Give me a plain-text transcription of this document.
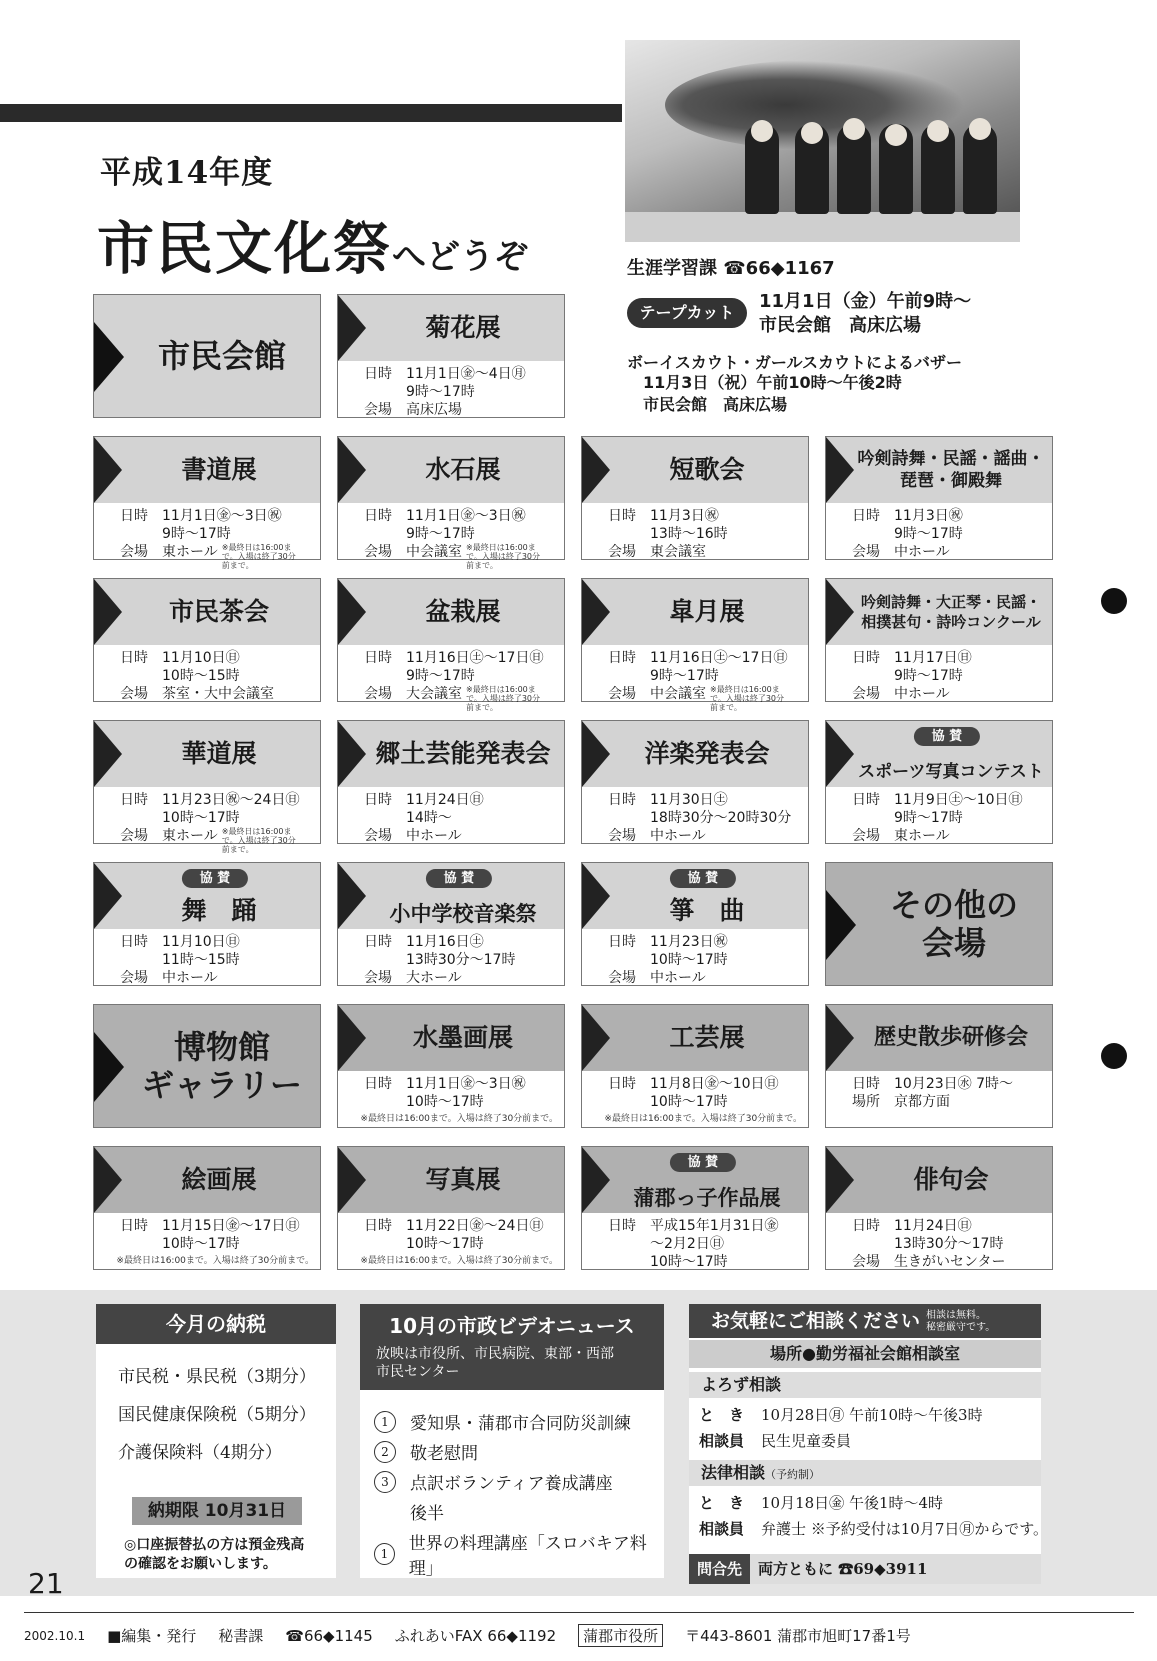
平成14年度
市民文化祭へどうぞ	生涯学習課 ☎66◆1167
テープカット
11月1日（金）午前9時～
市民会館　高床広場
ボーイスカウト・ガールスカウトによるバザー
11月3日（祝）午前10時～午後2時
市民会館　高床広場
市民会館
菊花展
日時	11月1日㊎～4日㊊
9時～17時
会場	高床広場
書道展
日時	11月1日㊎～3日㊗
9時～17時
会場	東ホール ※最終日は16:00まで。入場は終了30分前まで。
水石展
日時	11月1日㊎～3日㊗
9時～17時
会場	中会議室 ※最終日は16:00まで。入場は終了30分前まで。
短歌会
日時	11月3日㊗
13時～16時
会場	東会議室
吟剣詩舞・民謡・謡曲・
琵琶・御殿舞
日時	11月3日㊗
9時～17時
会場	中ホール
市民茶会
日時	11月10日㊐
10時～15時
会場	茶室・大中会議室
盆栽展
日時	11月16日㊏～17日㊐
9時～17時
会場	大会議室 ※最終日は16:00まで。入場は終了30分前まで。
皐月展
日時	11月16日㊏～17日㊐
9時～17時
会場	中会議室 ※最終日は16:00まで。入場は終了30分前まで。
吟剣詩舞・大正琴・民謡・
相撲甚句・詩吟コンクール
日時	11月17日㊐
9時～17時
会場	中ホール
華道展
日時	11月23日㊗～24日㊐
10時～17時
会場	東ホール ※最終日は16:00まで。入場は終了30分前まで。
郷土芸能発表会
日時	11月24日㊐
14時～
会場	中ホール
洋楽発表会
日時	11月30日㊏
18時30分～20時30分
会場	中ホール
協 賛
スポーツ写真コンテスト
日時	11月9日㊏～10日㊐
9時～17時
会場	東ホール
協 賛
舞　踊
日時	11月10日㊐
11時～15時
会場	中ホール
協 賛
小中学校音楽祭
日時	11月16日㊏
13時30分～17時
会場	大ホール
協 賛
箏　曲
日時	11月23日㊗
10時～17時
会場	中ホール
その他の
会場
博物館
ギャラリー
水墨画展
日時	11月1日㊎～3日㊗
10時～17時
※最終日は16:00まで。入場は終了30分前まで。
工芸展
日時	11月8日㊎～10日㊐
10時～17時
※最終日は16:00まで。入場は終了30分前まで。
歴史散歩研修会
日時	10月23日㊌ 7時～
場所	京都方面
絵画展
日時	11月15日㊎～17日㊐
10時～17時
※最終日は16:00まで。入場は終了30分前まで。
写真展
日時	11月22日㊎～24日㊐
10時～17時
※最終日は16:00まで。入場は終了30分前まで。
協 賛
蒲郡っ子作品展
日時	平成15年1月31日㊎
～2月2日㊐
10時～17時
俳句会
日時	11月24日㊐
13時30分～17時
会場	生きがいセンター
今月の納税
市民税・県民税（3期分）
国民健康保険税（5期分）
介護保険料（4期分）
納期限 10月31日
◎口座振替払の方は預金残高
の確認をお願いします。
10月の市政ビデオニュース
放映は市役所、市民病院、東部・西部
市民センター
1	愛知県・蒲郡市合同防災訓練
2	敬老慰問
3	点訳ボランティア養成講座
後半
1	世界の料理講座「スロバキア料理」
お気軽にご相談ください 相談は無料。
秘密厳守です。
場所●勤労福祉会館相談室
よろず相談
と　き 10月28日㊊ 午前10時～午後3時
相談員 民生児童委員
法律相談（予約制）
と　き 10月18日㊎ 午後1時～4時
相談員 弁護士 ※予約受付は10月7日㊊からです。
問合先 両方ともに ☎69◆3911
21
2002.10.1 ■編集・発行 秘書課 ☎66◆1145 ふれあいFAX 66◆1192	蒲郡市役所	〒443-8601 蒲郡市旭町17番1号
